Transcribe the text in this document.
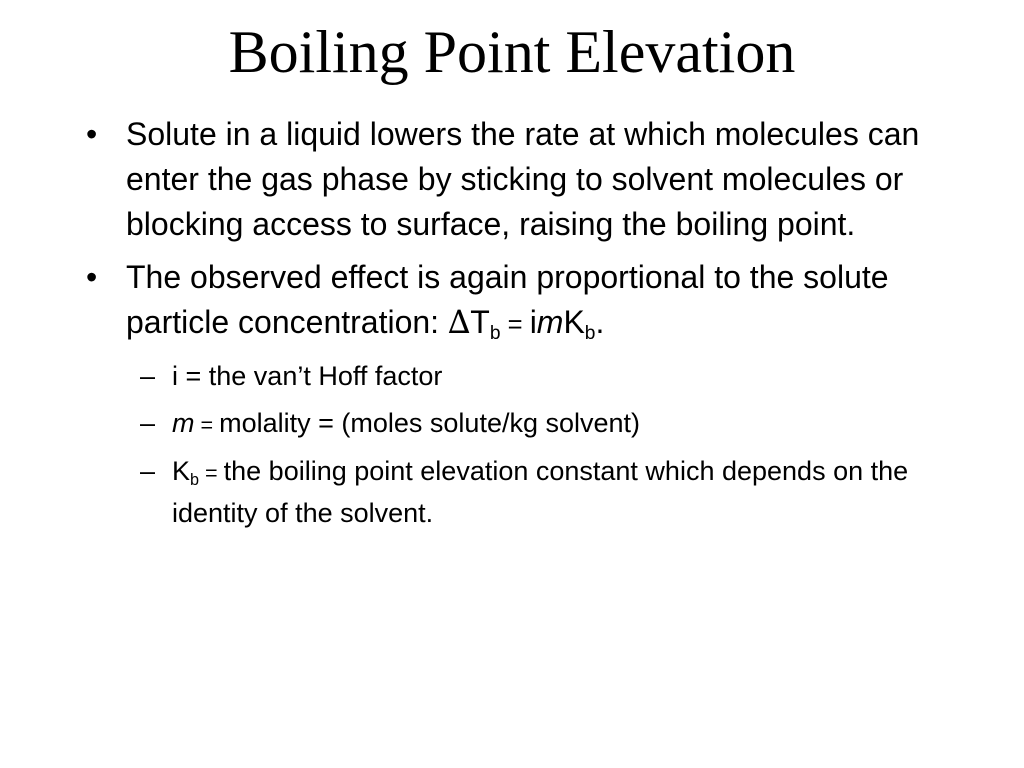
Boiling Point Elevation
• Solute in a liquid lowers the rate at which molecules can enter the gas phase by sticking to solvent molecules or blocking access to surface, raising the boiling point.
• The observed effect is again proportional to the solute particle concentration: $\Delta T_b = imK_b$.
– i = the van’t Hoff factor
– m = molality = (moles solute/kg solvent)
– $K_b$ = the boiling point elevation constant which depends on the identity of the solvent.
